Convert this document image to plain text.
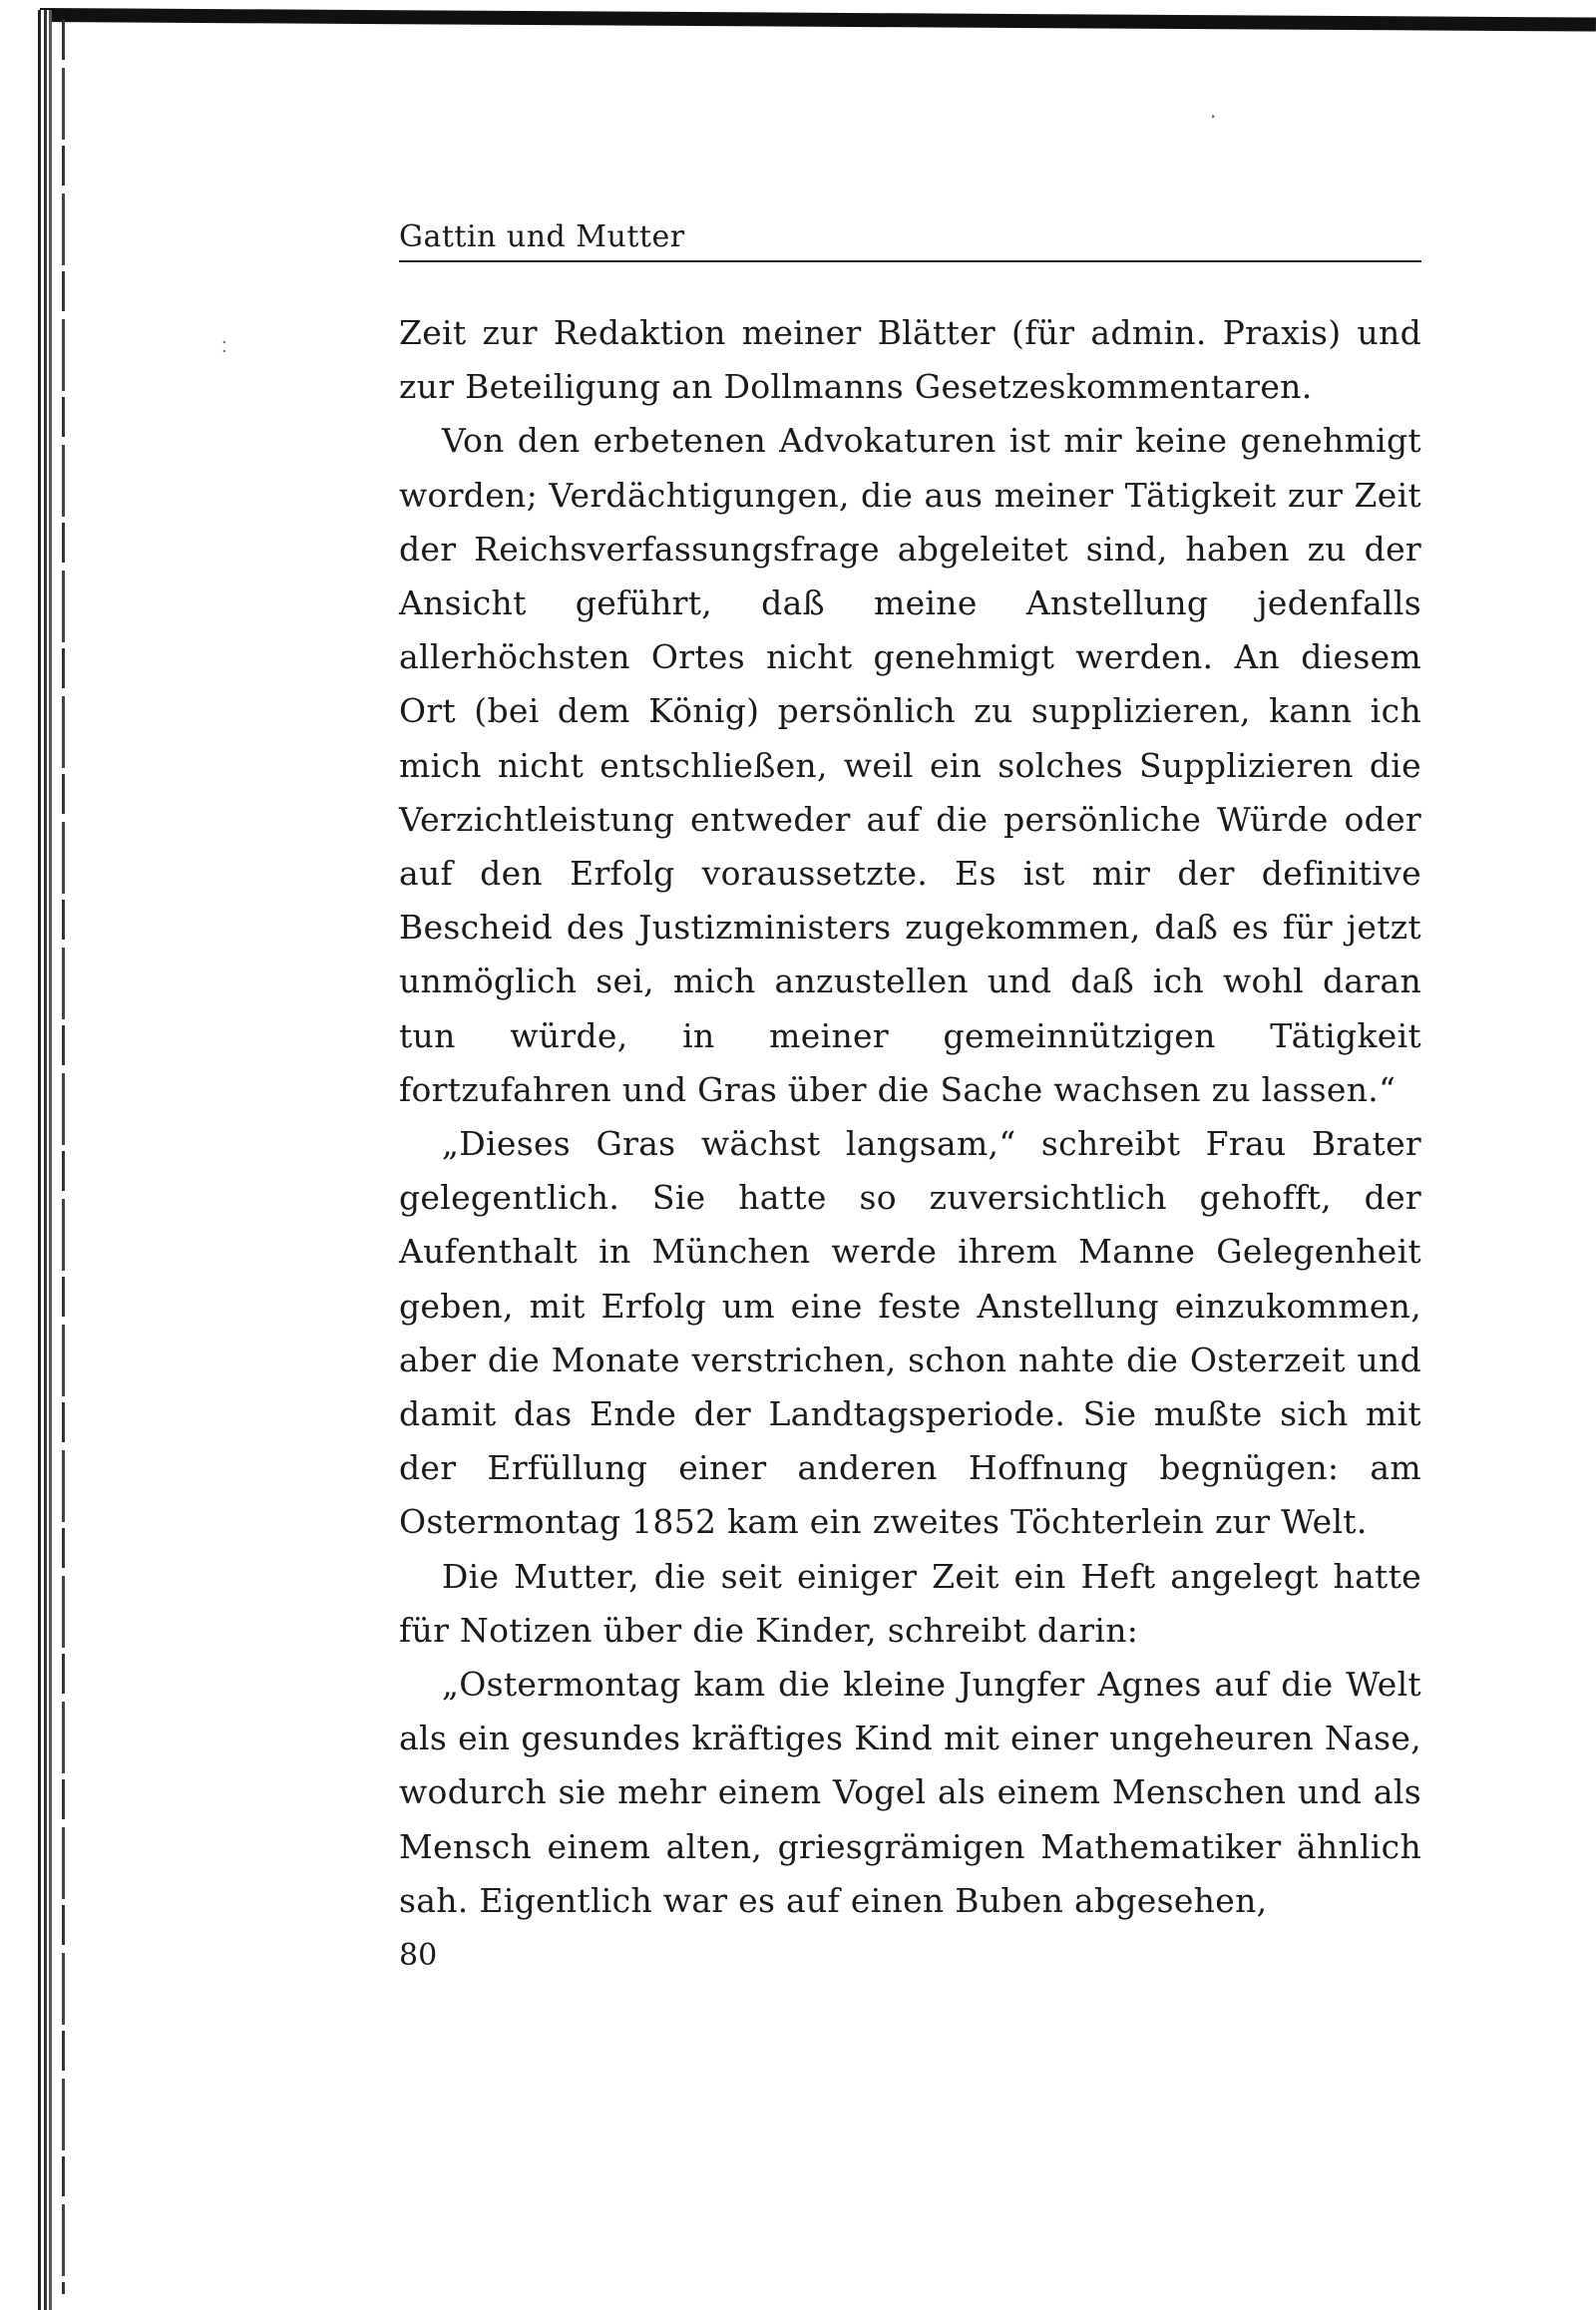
˸
·
Gattin und Mutter

Zeit zur Redaktion meiner Blätter (für admin. Praxis) und zur Beteiligung an Dollmanns Gesetzeskommentaren.

Von den erbetenen Advokaturen ist mir keine genehmigt worden; Verdächtigungen, die aus meiner Tätigkeit zur Zeit der Reichsverfassungsfrage abgeleitet sind, haben zu der Ansicht geführt, daß meine Anstellung jedenfalls allerhöchsten Ortes nicht genehmigt werden. An diesem Ort (bei dem König) persönlich zu supplizieren, kann ich mich nicht entschließen, weil ein solches Supplizieren die Verzichtleistung entweder auf die persönliche Würde oder auf den Erfolg voraussetzte. Es ist mir der definitive Bescheid des Justizministers zugekommen, daß es für jetzt unmöglich sei, mich anzustellen und daß ich wohl daran tun würde, in meiner gemeinnützigen Tätigkeit fortzufahren und Gras über die Sache wachsen zu lassen.“

„Dieses Gras wächst langsam,“ schreibt Frau Brater gelegentlich. Sie hatte so zuversichtlich gehofft, der Aufenthalt in München werde ihrem Manne Gelegenheit geben, mit Erfolg um eine feste Anstellung einzukommen, aber die Monate verstrichen, schon nahte die Osterzeit und damit das Ende der Landtagsperiode. Sie mußte sich mit der Erfüllung einer anderen Hoffnung begnügen: am Ostermontag 1852 kam ein zweites Töchterlein zur Welt.

Die Mutter, die seit einiger Zeit ein Heft angelegt hatte für Notizen über die Kinder, schreibt darin:

„Ostermontag kam die kleine Jungfer Agnes auf die Welt als ein gesundes kräftiges Kind mit einer ungeheuren Nase, wodurch sie mehr einem Vogel als einem Menschen und als Mensch einem alten, griesgrämigen Mathematiker ähnlich sah. Eigentlich war es auf einen Buben abgesehen,

80
